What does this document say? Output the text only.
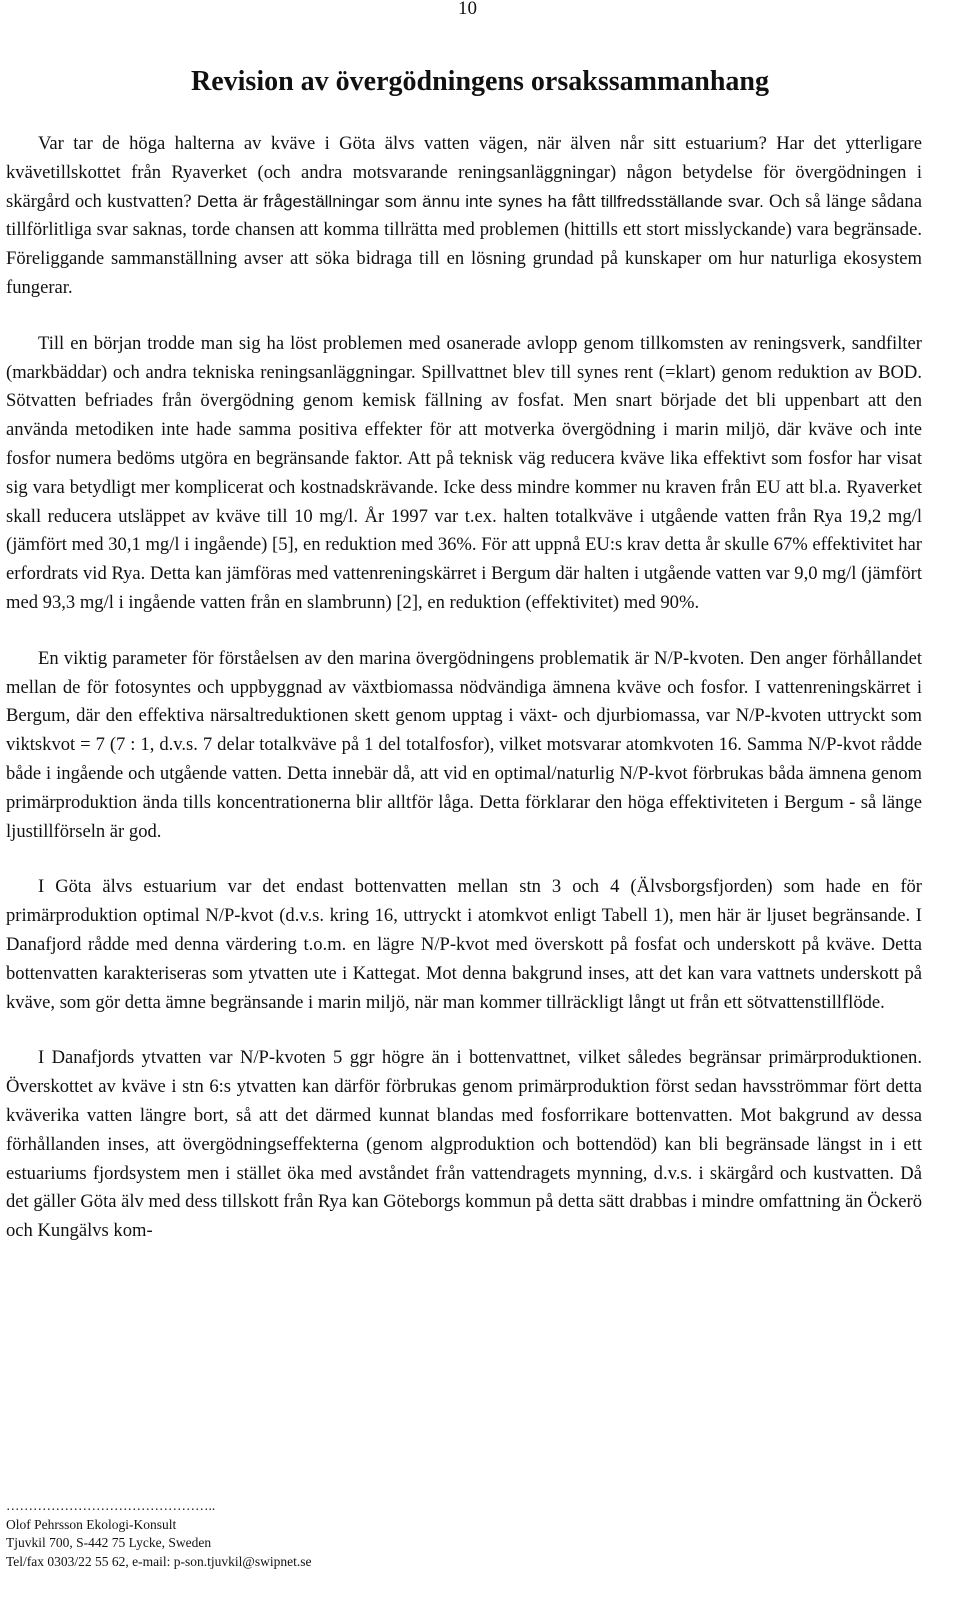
10
Revision av övergödningens orsakssammanhang

Var tar de höga halterna av kväve i Göta älvs vatten vägen, när älven når sitt estuarium? Har det ytterligare kvävetillskottet från Ryaverket (och andra motsvarande reningsanläggningar) någon betydelse för övergödningen i skärgård och kustvatten? Detta är frågeställningar som ännu inte synes ha fått tillfredsställande svar. Och så länge sådana tillförlitliga svar saknas, torde chansen att komma tillrätta med problemen (hittills ett stort misslyckande) vara begränsade. Föreliggande sammanställning avser att söka bidraga till en lösning grundad på kunskaper om hur naturliga ekosystem fungerar.

Till en början trodde man sig ha löst problemen med osanerade avlopp genom tillkomsten av reningsverk, sandfilter (markbäddar) och andra tekniska reningsanläggningar. Spillvattnet blev till synes rent (=klart) genom reduktion av BOD. Sötvatten befriades från övergödning genom kemisk fällning av fosfat. Men snart började det bli uppenbart att den använda metodiken inte hade samma positiva effekter för att motverka övergödning i marin miljö, där kväve och inte fosfor numera bedöms utgöra en begränsande faktor. Att på teknisk väg reducera kväve lika effektivt som fosfor har visat sig vara betydligt mer komplicerat och kostnadskrävande. Icke dess mindre kommer nu kraven från EU att bl.a. Ryaverket skall reducera utsläppet av kväve till 10 mg/l. År 1997 var t.ex. halten totalkväve i utgående vatten från Rya 19,2 mg/l (jämfört med 30,1 mg/l i ingående) [5], en reduktion med 36%. För att uppnå EU:s krav detta år skulle 67% effektivitet har erfordrats vid Rya. Detta kan jämföras med vattenreningskärret i Bergum där halten i utgående vatten var 9,0 mg/l (jämfört med 93,3 mg/l i ingående vatten från en slambrunn) [2], en reduktion (effektivitet) med 90%.

En viktig parameter för förståelsen av den marina övergödningens problematik är N/P-kvoten. Den anger förhållandet mellan de för fotosyntes och uppbyggnad av växtbiomassa nödvändiga ämnena kväve och fosfor. I vattenreningskärret i Bergum, där den effektiva närsaltreduktionen skett genom upptag i växt- och djurbiomassa, var N/P-kvoten uttryckt som viktskvot = 7 (7 : 1, d.v.s. 7 delar totalkväve på 1 del totalfosfor), vilket motsvarar atomkvoten 16. Samma N/P-kvot rådde både i ingående och utgående vatten. Detta innebär då, att vid en optimal/naturlig N/P-kvot förbrukas båda ämnena genom primärproduktion ända tills koncentrationerna blir alltför låga. Detta förklarar den höga effektiviteten i Bergum - så länge ljustillförseln är god.

I Göta älvs estuarium var det endast bottenvatten mellan stn 3 och 4 (Älvsborgsfjorden) som hade en för primärproduktion optimal N/P-kvot (d.v.s. kring 16, uttryckt i atomkvot enligt Tabell 1), men här är ljuset begränsande. I Danafjord rådde med denna värdering t.o.m. en lägre N/P-kvot med överskott på fosfat och underskott på kväve. Detta bottenvatten karakteriseras som ytvatten ute i Kattegat. Mot denna bakgrund inses, att det kan vara vattnets underskott på kväve, som gör detta ämne begränsande i marin miljö, när man kommer tillräckligt långt ut från ett sötvattenstillflöde.

I Danafjords ytvatten var N/P-kvoten 5 ggr högre än i bottenvattnet, vilket således begränsar primärproduktionen. Överskottet av kväve i stn 6:s ytvatten kan därför förbrukas genom primärproduktion först sedan havsströmmar fört detta kväverika vatten längre bort, så att det därmed kunnat blandas med fosforrikare bottenvatten. Mot bakgrund av dessa förhållanden inses, att övergödningseffekterna (genom algproduktion och bottendöd) kan bli begränsade längst in i ett estuariums fjordsystem men i stället öka med avståndet från vattendragets mynning, d.v.s. i skärgård och kustvatten. Då det gäller Göta älv med dess tillskott från Rya kan Göteborgs kommun på detta sätt drabbas i mindre omfattning än Öckerö och Kungälvs kom-

………………………………………..
Olof Pehrsson Ekologi-Konsult
Tjuvkil 700, S-442 75 Lycke, Sweden
Tel/fax 0303/22 55 62, e-mail: p-son.tjuvkil@swipnet.se
